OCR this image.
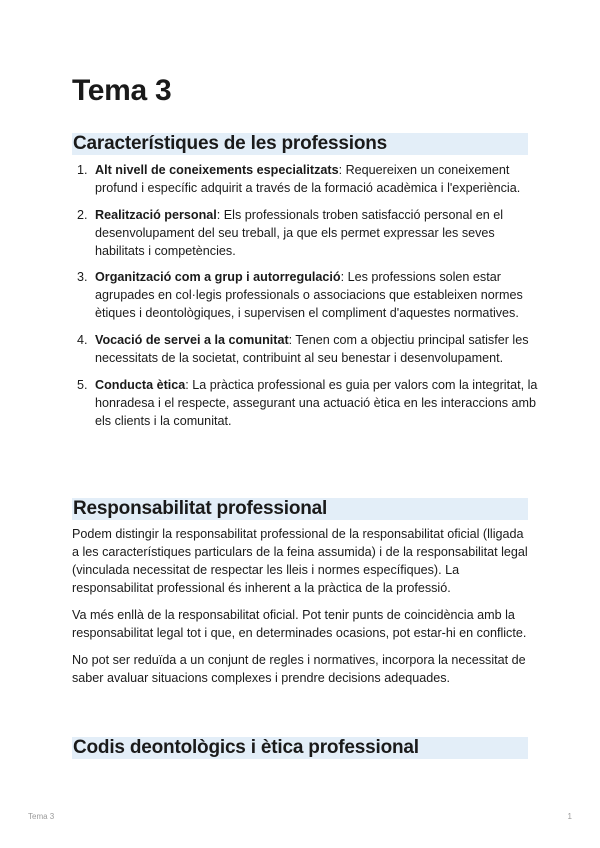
Tema 3
Característiques de les professions
1. Alt nivell de coneixements especialitzats: Requereixen un coneixement profund i específic adquirit a través de la formació acadèmica i l'experiència.
2. Realització personal: Els professionals troben satisfacció personal en el desenvolupament del seu treball, ja que els permet expressar les seves habilitats i competències.
3. Organització com a grup i autorregulació: Les professions solen estar agrupades en col·legis professionals o associacions que estableixen normes ètiques i deontològiques, i supervisen el compliment d'aquestes normatives.
4. Vocació de servei a la comunitat: Tenen com a objectiu principal satisfer les necessitats de la societat, contribuint al seu benestar i desenvolupament.
5. Conducta ètica: La pràctica professional es guia per valors com la integritat, la honradesa i el respecte, assegurant una actuació ètica en les interaccions amb els clients i la comunitat.
Responsabilitat professional

Podem distingir la responsabilitat professional de la responsabilitat oficial (lligada a les característiques particulars de la feina assumida) i de la responsabilitat legal (vinculada necessitat de respectar les lleis i normes específiques). La responsabilitat professional és inherent a la pràctica de la professió.

Va més enllà de la responsabilitat oficial. Pot tenir punts de coincidència amb la responsabilitat legal tot i que, en determinades ocasions, pot estar-hi en conflicte.

No pot ser reduïda a un conjunt de regles i normatives, incorpora la necessitat de saber avaluar situacions complexes i prendre decisions adequades.

Codis deontològics i ètica professional
Tema 3	1
